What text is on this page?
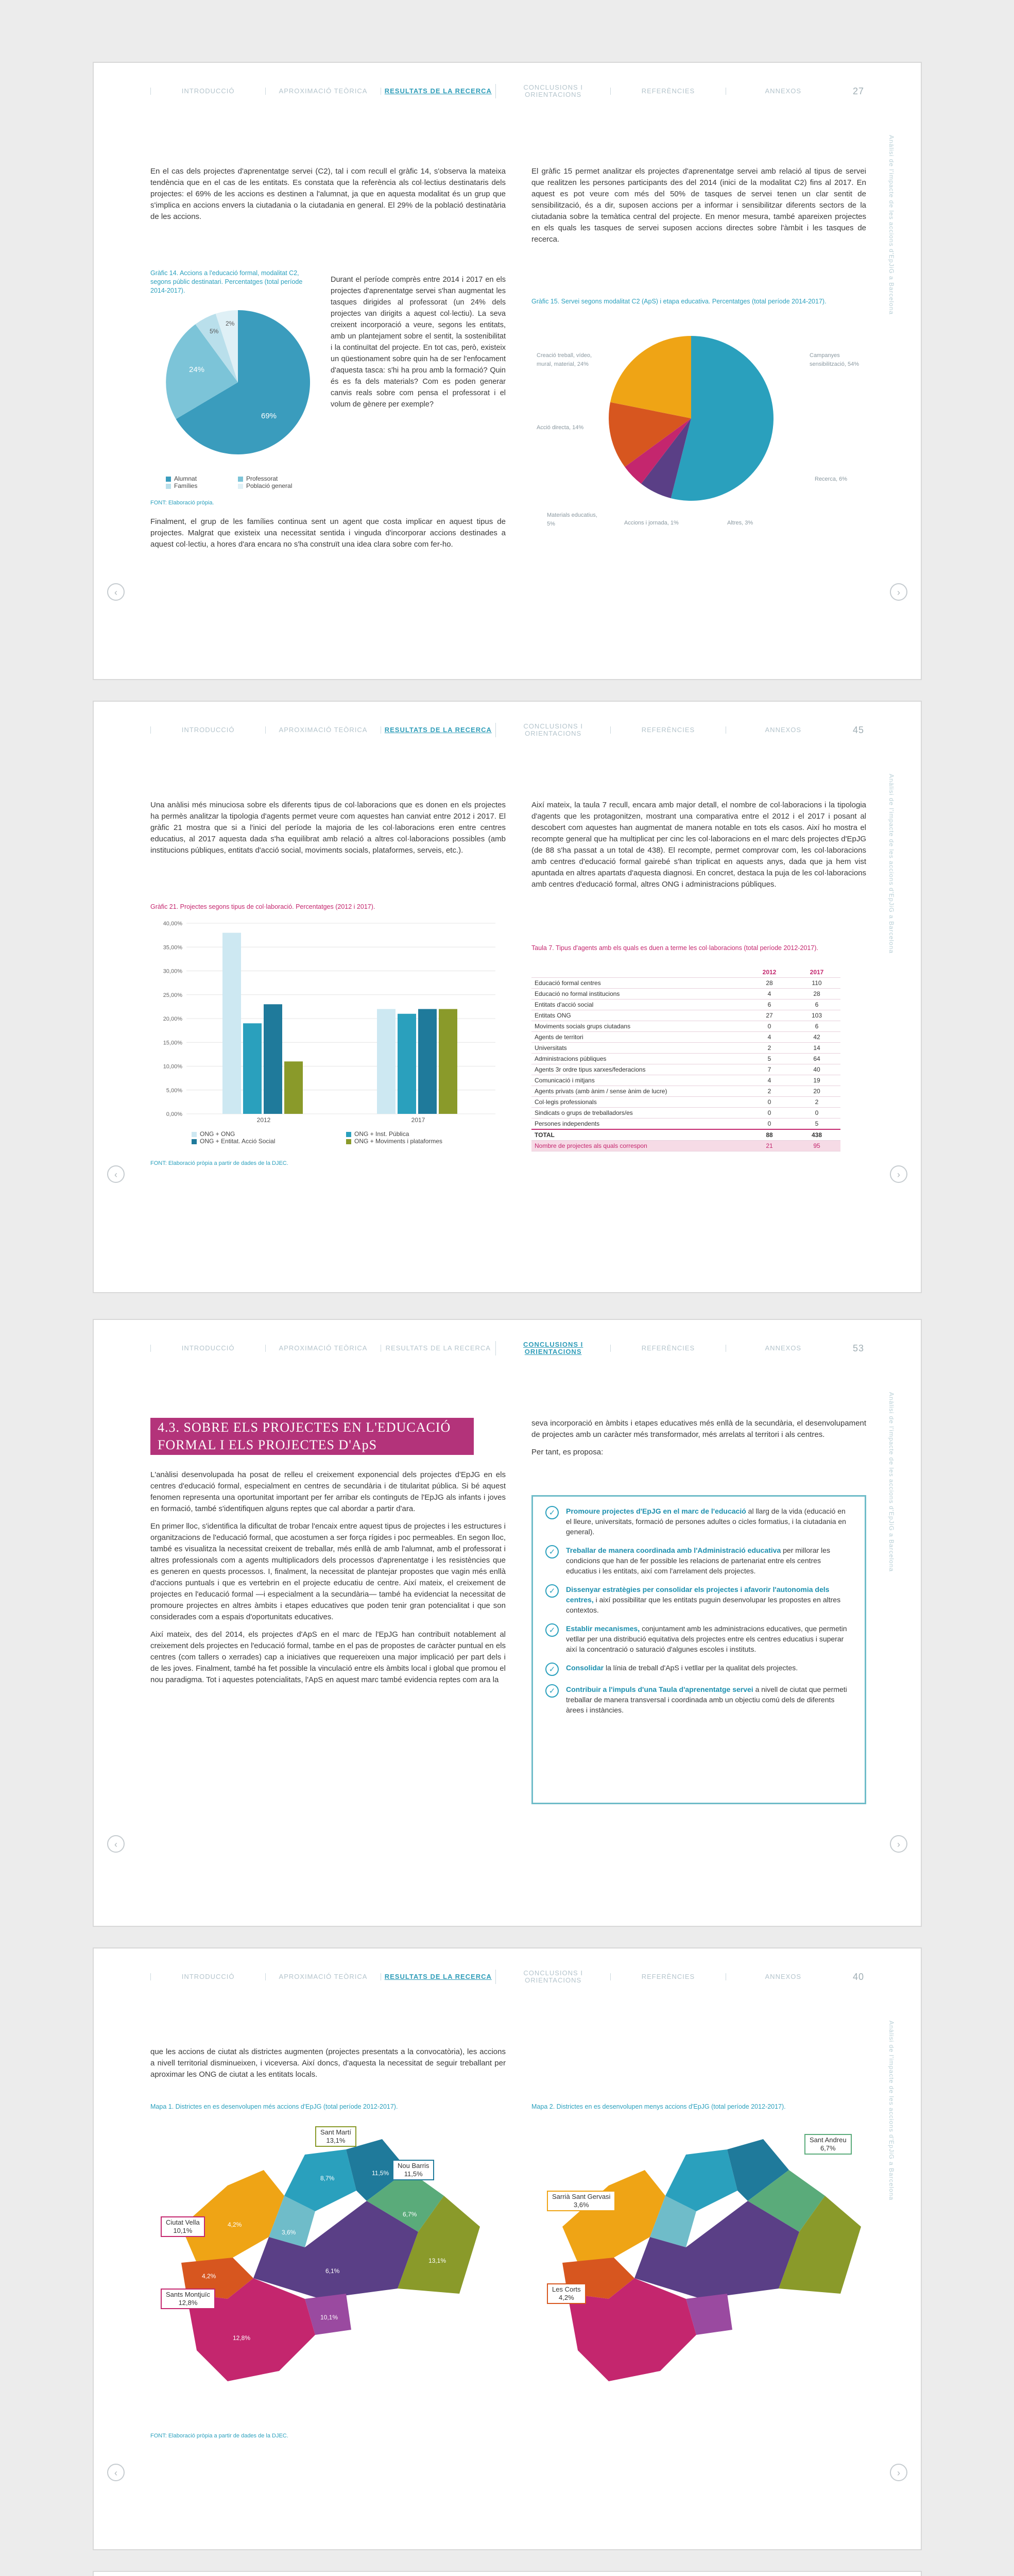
INTRODUCCIÓ	APROXIMACIÓ TEÒRICA	RESULTATS DE LA RECERCA	CONCLUSIONS I ORIENTACIONS	REFERÈNCIES	ANNEXOS	27
Anàlisi de l'impacte de les accions d'EpJiG a Barcelona
‹	›
En el cas dels projectes d'aprenentatge servei (C2), tal i com recull el gràfic 14, s'observa la mateixa tendència que en el cas de les entitats. Es constata que la referència als col·lectius destinataris dels projectes: el 69% de les accions es destinen a l'alumnat, ja que en aquesta modalitat és un grup que s'implica en accions envers la ciutadania o la ciutadania en general. El 29% de la població destinatària de les accions.
Gràfic 14. Accions a l'educació formal, modalitat C2, segons públic destinatari. Percentatges (total període 2014-2017).
69%
24%
5%
2%
Alumnat	Professorat
Famílies	Població general
FONT: Elaboració pròpia.
Durant el període comprès entre 2014 i 2017 en els projectes d'aprenentatge servei s'han augmentat les tasques dirigides al professorat (un 24% dels projectes van dirigits a aquest col·lectiu). La seva creixent incorporació a veure, segons les entitats, amb un plantejament sobre el sentit, la sostenibilitat i la continuïtat del projecte. En tot cas, però, existeix un qüestionament sobre quin ha de ser l'enfocament d'aquesta tasca: s'hi ha prou amb la formació? Quin és es fa dels materials? Com es poden generar canvis reals sobre com pensa el professorat i el volum de gènere per exemple?
Finalment, el grup de les famílies continua sent un agent que costa implicar en aquest tipus de projectes. Malgrat que existeix una necessitat sentida i vinguda d'incorporar accions destinades a aquest col·lectiu, a hores d'ara encara no s'ha construït una idea clara sobre com fer-ho.
El gràfic 15 permet analitzar els projectes d'aprenentatge servei amb relació al tipus de servei que realitzen les persones participants des del 2014 (inici de la modalitat C2) fins al 2017. En aquest es pot veure com més del 50% de tasques de servei tenen un clar sentit de sensibilització, és a dir, suposen accions per a informar i sensibilitzar diferents sectors de la ciutadania sobre la temàtica central del projecte. En menor mesura, també apareixen projectes en els quals les tasques de servei suposen accions directes sobre l'àmbit i les tasques de recerca.
Gràfic 15. Servei segons modalitat C2 (ApS) i etapa educativa. Percentatges (total període 2014-2017).
Creació treball, vídeo, mural, material, 24%
Campanyes sensibilització, 54%
Acció directa, 14%
Recerca, 6%
Materials educatius, 5%	Accions i jornada, 1%	Altres, 3%
INTRODUCCIÓ	APROXIMACIÓ TEÒRICA	RESULTATS DE LA RECERCA	CONCLUSIONS I ORIENTACIONS	REFERÈNCIES	ANNEXOS	45
Anàlisi de l'impacte de les accions d'EpJiG a Barcelona
‹	›
Una anàlisi més minuciosa sobre els diferents tipus de col·laboracions que es donen en els projectes ha permès analitzar la tipologia d'agents permet veure com aquestes han canviat entre 2012 i 2017. El gràfic 21 mostra que si a l'inici del període la majoria de les col·laboracions eren entre centres educatius, al 2017 aquesta dada s'ha equilibrat amb relació a altres col·laboracions possibles (amb institucions públiques, entitats d'acció social, moviments socials, plataformes, serveis, etc.).
Gràfic 21. Projectes segons tipus de col·laboració. Percentatges (2012 i 2017).
40,00%
35,00%
30,00%
25,00%
20,00%
15,00%
10,00%
5,00%
0,00%
2012	2017
ONG + ONG	ONG + Inst. Pública
ONG + Entitat. Acció Social	ONG + Moviments i plataformes
FONT: Elaboració pròpia a partir de dades de la DJEC.
Així mateix, la taula 7 recull, encara amb major detall, el nombre de col·laboracions i la tipologia d'agents que les protagonitzen, mostrant una comparativa entre el 2012 i el 2017 i posant al descobert com aquestes han augmentat de manera notable en tots els casos. Així ho mostra el recompte general que ha multiplicat per cinc les col·laboracions en el marc dels projectes d'EpJG (de 88 s'ha passat a un total de 438). El recompte, permet comprovar com, les col·laboracions amb centres d'educació formal gairebé s'han triplicat en aquests anys, dada que ja hem vist apuntada en altres apartats d'aquesta diagnosi. En concret, destaca la puja de les col·laboracions amb centres d'educació formal, altres ONG i administracions públiques.
Taula 7. Tipus d'agents amb els quals es duen a terme les col·laboracions (total període 2012-2017).
	2012	2017
Educació formal centres	28	110
Educació no formal institucions	4	28
Entitats d'acció social	6	6
Entitats ONG	27	103
Moviments socials grups ciutadans	0	6
Agents de territori	4	42
Universitats	2	14
Administracions públiques	5	64
Agents 3r ordre tipus xarxes/federacions	7	40
Comunicació i mitjans	4	19
Agents privats (amb ànim / sense ànim de lucre)	2	20
Col·legis professionals	0	2
Sindicats o grups de treballadors/es	0	0
Persones independents	0	5
TOTAL	88	438
Nombre de projectes als quals correspon	21	95
INTRODUCCIÓ	APROXIMACIÓ TEÒRICA	RESULTATS DE LA RECERCA	CONCLUSIONS I ORIENTACIONS	REFERÈNCIES	ANNEXOS	53
Anàlisi de l'impacte de les accions d'EpJiG a Barcelona
‹	›
4.3. SOBRE ELS PROJECTES EN L'EDUCACIÓ FORMAL I ELS PROJECTES D'ApS

L'anàlisi desenvolupada ha posat de relleu el creixement exponencial dels projectes d'EpJG en els centres d'educació formal, especialment en centres de secundària i de titularitat pública. Si bé aquest fenomen representa una oportunitat important per fer arribar els continguts de l'EpJG als infants i joves en formació, també s'identifiquen alguns reptes que cal abordar a partir d'ara.

En primer lloc, s'identifica la dificultat de trobar l'encaix entre aquest tipus de projectes i les estructures i organitzacions de l'educació formal, que acostumen a ser força rígides i poc permeables. En segon lloc, també es visualitza la necessitat creixent de treballar, més enllà de amb l'alumnat, amb el professorat i altres professionals com a agents multiplicadors dels processos d'aprenentatge i les resistències que es generen en quests processos. I, finalment, la necessitat de plantejar propostes que vagin més enllà d'accions puntuals i que es vertebrin en el projecte educatiu de centre. Així mateix, el creixement de projectes en l'educació formal —i especialment a la secundària— també ha evidenciat la necessitat de promoure projectes en altres àmbits i etapes educatives que poden tenir gran potencialitat i que son considerades com a espais d'oportunitats educatives.

Així mateix, des del 2014, els projectes d'ApS en el marc de l'EpJG han contribuït notablement al creixement dels projectes en l'educació formal, tambe en el pas de propostes de caràcter puntual en els centres (com tallers o xerrades) cap a iniciatives que requereixen una major implicació per part dels i de les joves. Finalment, també ha fet possible la vinculació entre els àmbits local i global que promou el nou paradigma. Tot i aquestes potencialitats, l'ApS en aquest marc també evidencia reptes com ara la

seva incorporació en àmbits i etapes educatives més enllà de la secundària, el desenvolupament de projectes amb un caràcter més transformador, més arrelats al territori i als centres.

Per tant, es proposa:

✓	Promoure projectes d'EpJG en el marc de l'educació al llarg de la vida (educació en el lleure, universitats, formació de persones adultes o cicles formatius, i la ciutadania en general).
✓	Treballar de manera coordinada amb l'Administració educativa per millorar les condicions que han de fer possible les relacions de partenariat entre els centres educatius i les entitats, així com l'arrelament dels projectes.
✓	Dissenyar estratègies per consolidar els projectes i afavorir l'autonomia dels centres, i així possibilitar que les entitats puguin desenvolupar les propostes en altres contextos.
✓	Establir mecanismes, conjuntament amb les administracions educatives, que permetin vetllar per una distribució equitativa dels projectes entre els centres educatius i superar així la concentració o saturació d'algunes escoles i instituts.
✓	Consolidar la línia de treball d'ApS i vetllar per la qualitat dels projectes.
✓	Contribuir a l'impuls d'una Taula d'aprenentatge servei a nivell de ciutat que permeti treballar de manera transversal i coordinada amb un objectiu comú dels de diferents àrees i instàncies.
INTRODUCCIÓ	APROXIMACIÓ TEÒRICA	RESULTATS DE LA RECERCA	CONCLUSIONS I ORIENTACIONS	REFERÈNCIES	ANNEXOS	40
Anàlisi de l'impacte de les accions d'EpJiG a Barcelona
‹	›
que les accions de ciutat als districtes augmenten (projectes presentats a la convocatòria), les accions a nivell territorial disminueixen, i viceversa. Així doncs, d'aquesta la necessitat de seguir treballant per aproximar les ONG de ciutat a les entitats locals.
Mapa 1. Districtes en es desenvolupen més accions d'EpJG (total període 2012-2017).	Mapa 2. Districtes en es desenvolupen menys accions d'EpJG (total període 2012-2017).
13,1%
11,5%
8,7%
6,7%
4,2%
3,6%
10,1%
12,8%
4,2%
6,1%
Sant Martí
13,1%
Nou Barris
11,5%
Ciutat Vella
10,1%
Sants Montjuïc
12,8%
Sant Andreu
6,7%
Sarrià Sant Gervasi
3,6%
Les Corts
4,2%
FONT: Elaboració pròpia a partir de dades de la DJEC.
